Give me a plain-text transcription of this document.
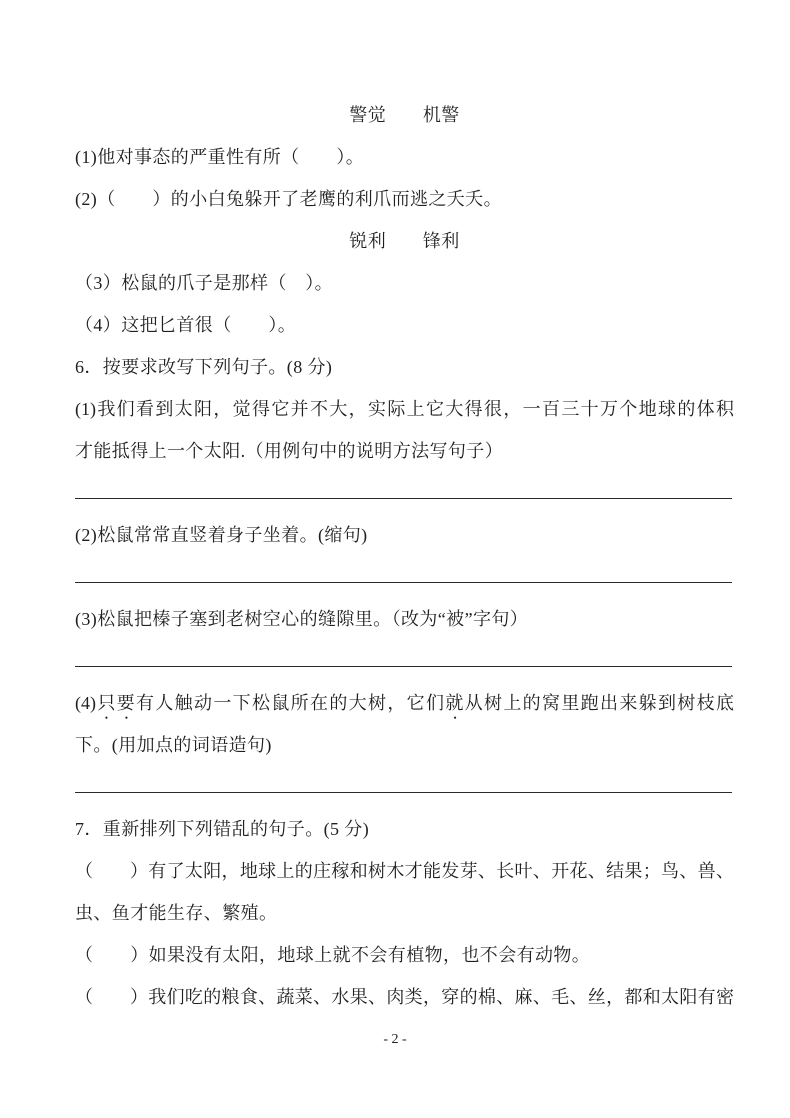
警觉　　机警
(1)他对事态的严重性有所（　　）。
(2)（　　）的小白兔躲开了老鹰的利爪而逃之夭夭。
锐利　　锋利
（3）松鼠的爪子是那样（　）。
（4）这把匕首很（　　）。
6．按要求改写下列句子。(8 分)
(1)我们看到太阳，觉得它并不大，实际上它大得很，一百三十万个地球的体积
才能抵得上一个太阳.（用例句中的说明方法写句子）
(2)松鼠常常直竖着身子坐着。(缩句)
(3)松鼠把榛子塞到老树空心的缝隙里。（改为“被”字句）
(4)只要有人触动一下松鼠所在的大树，它们就从树上的窝里跑出来躲到树枝底
下。(用加点的词语造句)
7．重新排列下列错乱的句子。(5 分)
（　　）有了太阳，地球上的庄稼和树木才能发芽、长叶、开花、结果；鸟、兽、
虫、鱼才能生存、繁殖。
（　　）如果没有太阳，地球上就不会有植物，也不会有动物。
（　　）我们吃的粮食、蔬菜、水果、肉类，穿的棉、麻、毛、丝，都和太阳有密
- 2 -
